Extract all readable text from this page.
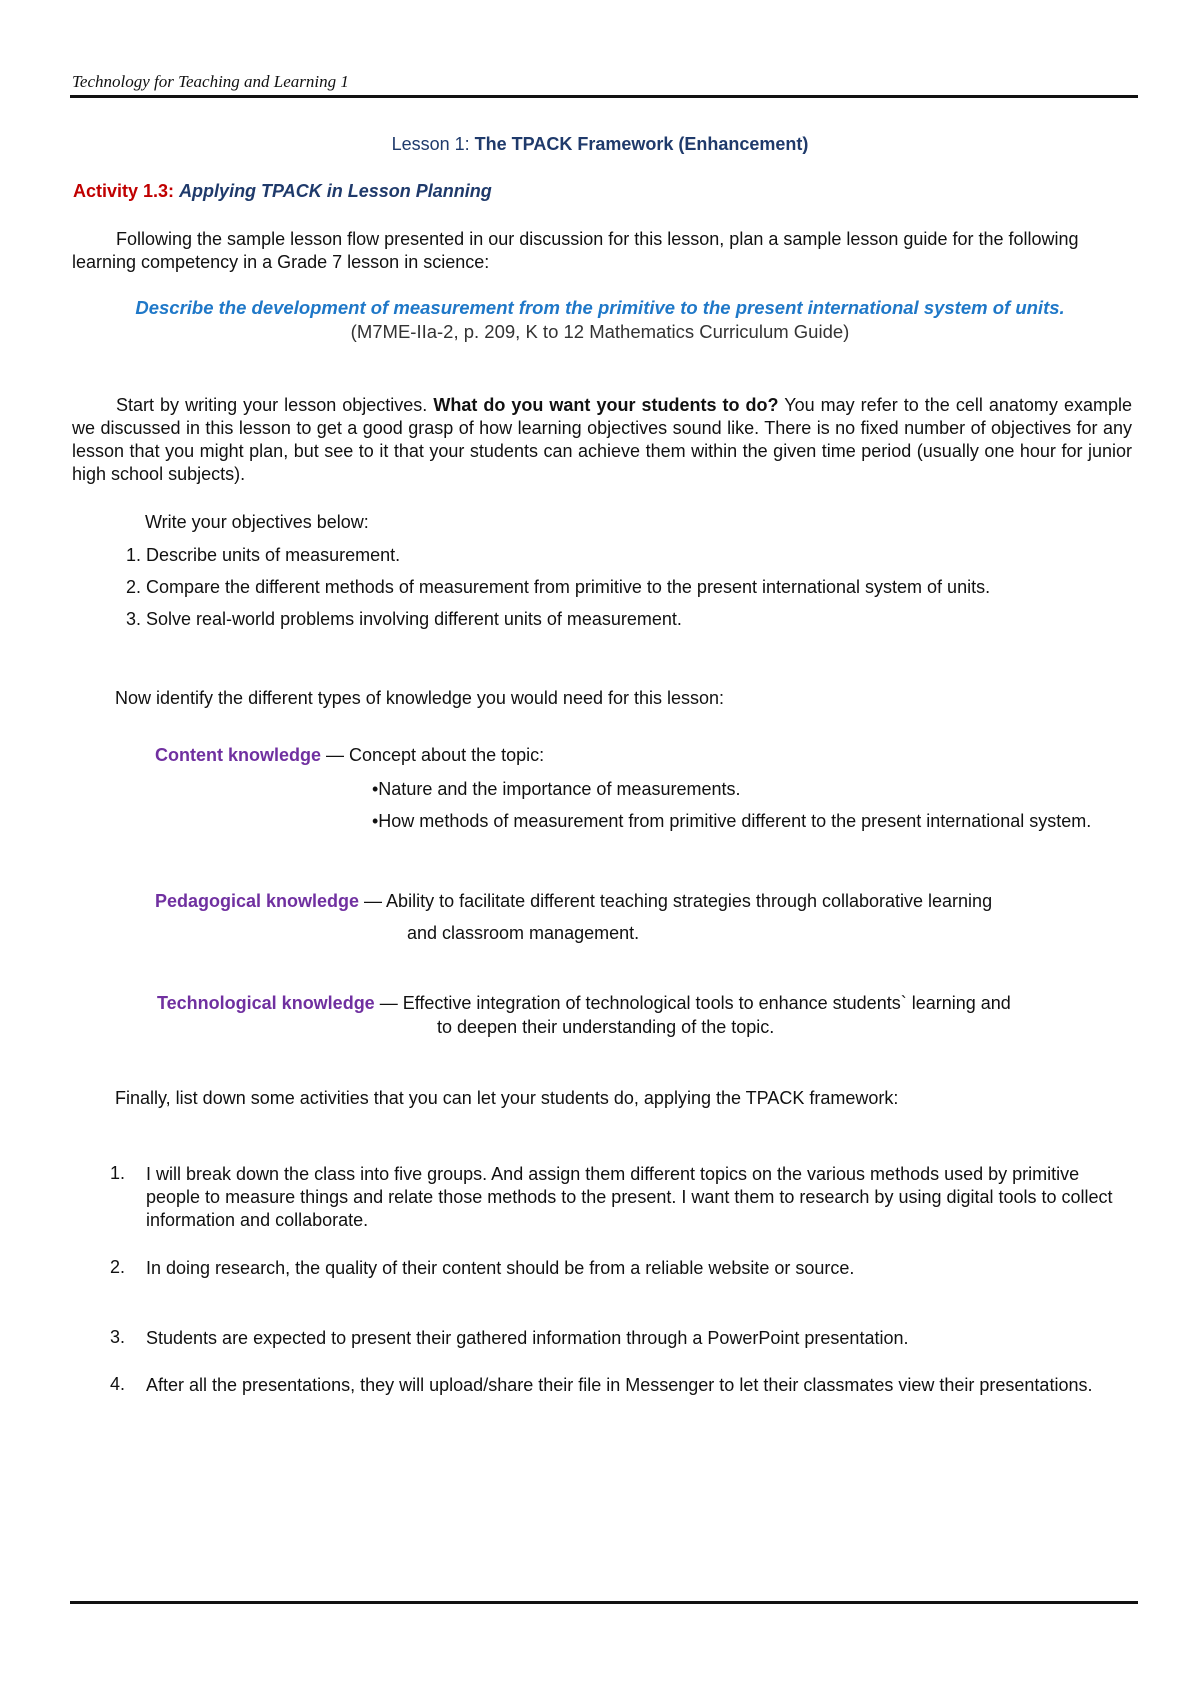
Technology for Teaching and Learning 1
Lesson 1: The TPACK Framework (Enhancement)
Activity 1.3: Applying TPACK in Lesson Planning
Following the sample lesson flow presented in our discussion for this lesson, plan a sample lesson guide for the following learning competency in a Grade 7 lesson in science:
Describe the development of measurement from the primitive to the present international system of units.
(M7ME-IIa-2, p. 209, K to 12 Mathematics Curriculum Guide)
Start by writing your lesson objectives. What do you want your students to do? You may refer to the cell anatomy example we discussed in this lesson to get a good grasp of how learning objectives sound like. There is no fixed number of objectives for any lesson that you might plan, but see to it that your students can achieve them within the given time period (usually one hour for junior high school subjects).
Write your objectives below:
1. Describe units of measurement.
2. Compare the different methods of measurement from primitive to the present international system of units.
3. Solve real-world problems involving different units of measurement.
Now identify the different types of knowledge you would need for this lesson:
Content knowledge — Concept about the topic:
•Nature and the importance of measurements.
•How methods of measurement from primitive different to the present international system.
Pedagogical knowledge — Ability to facilitate different teaching strategies through collaborative learning
and classroom management.
Technological knowledge — Effective integration of technological tools to enhance students` learning and
to deepen their understanding of the topic.
Finally, list down some activities that you can let your students do, applying the TPACK framework:
1. I will break down the class into five groups. And assign them different topics on the various methods used by primitive people to measure things and relate those methods to the present. I want them to research by using digital tools to collect information and collaborate.
2. In doing research, the quality of their content should be from a reliable website or source.
3. Students are expected to present their gathered information through a PowerPoint presentation.
4. After all the presentations, they will upload/share their file in Messenger to let their classmates view their presentations.
